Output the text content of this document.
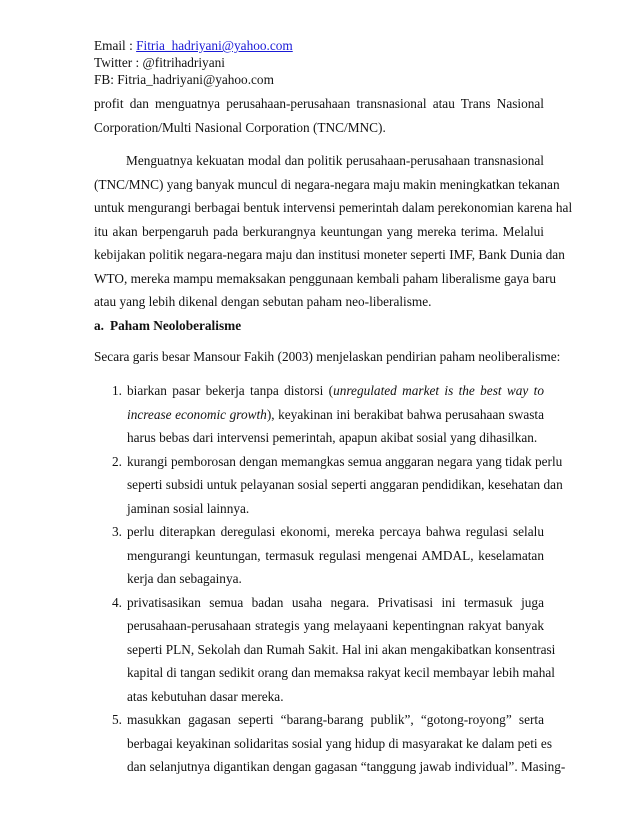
Email : Fitria_hadriyani@yahoo.com
Twitter : @fitrihadriyani
FB: Fitria_hadriyani@yahoo.com
profit dan menguatnya perusahaan-perusahaan transnasional atau Trans Nasional
Corporation/Multi Nasional Corporation (TNC/MNC).
Menguatnya kekuatan modal dan politik perusahaan-perusahaan transnasional
(TNC/MNC) yang banyak muncul di negara-negara maju makin meningkatkan tekanan
untuk mengurangi berbagai bentuk intervensi pemerintah dalam perekonomian karena hal
itu akan berpengaruh pada berkurangnya keuntungan yang mereka terima. Melalui
kebijakan politik negara-negara maju dan institusi moneter seperti IMF, Bank Dunia dan
WTO, mereka mampu memaksakan penggunaan kembali paham liberalisme gaya baru
atau yang lebih dikenal dengan sebutan paham neo-liberalisme.
a. Paham Neoloberalisme
Secara garis besar Mansour Fakih (2003) menjelaskan pendirian paham neoliberalisme:
1. biarkan pasar bekerja tanpa distorsi (unregulated market is the best way to
increase economic growth), keyakinan ini berakibat bahwa perusahaan swasta
harus bebas dari intervensi pemerintah, apapun akibat sosial yang dihasilkan.
2. kurangi pemborosan dengan memangkas semua anggaran negara yang tidak perlu
seperti subsidi untuk pelayanan sosial seperti anggaran pendidikan, kesehatan dan
jaminan sosial lainnya.
3. perlu diterapkan deregulasi ekonomi, mereka percaya bahwa regulasi selalu
mengurangi keuntungan, termasuk regulasi mengenai AMDAL, keselamatan
kerja dan sebagainya.
4. privatisasikan semua badan usaha negara. Privatisasi ini termasuk juga
perusahaan-perusahaan strategis yang melayaani kepentingnan rakyat banyak
seperti PLN, Sekolah dan Rumah Sakit. Hal ini akan mengakibatkan konsentrasi
kapital di tangan sedikit orang dan memaksa rakyat kecil membayar lebih mahal
atas kebutuhan dasar mereka.
5. masukkan gagasan seperti “barang-barang publik”, “gotong-royong” serta
berbagai keyakinan solidaritas sosial yang hidup di masyarakat ke dalam peti es
dan selanjutnya digantikan dengan gagasan “tanggung jawab individual”. Masing-
